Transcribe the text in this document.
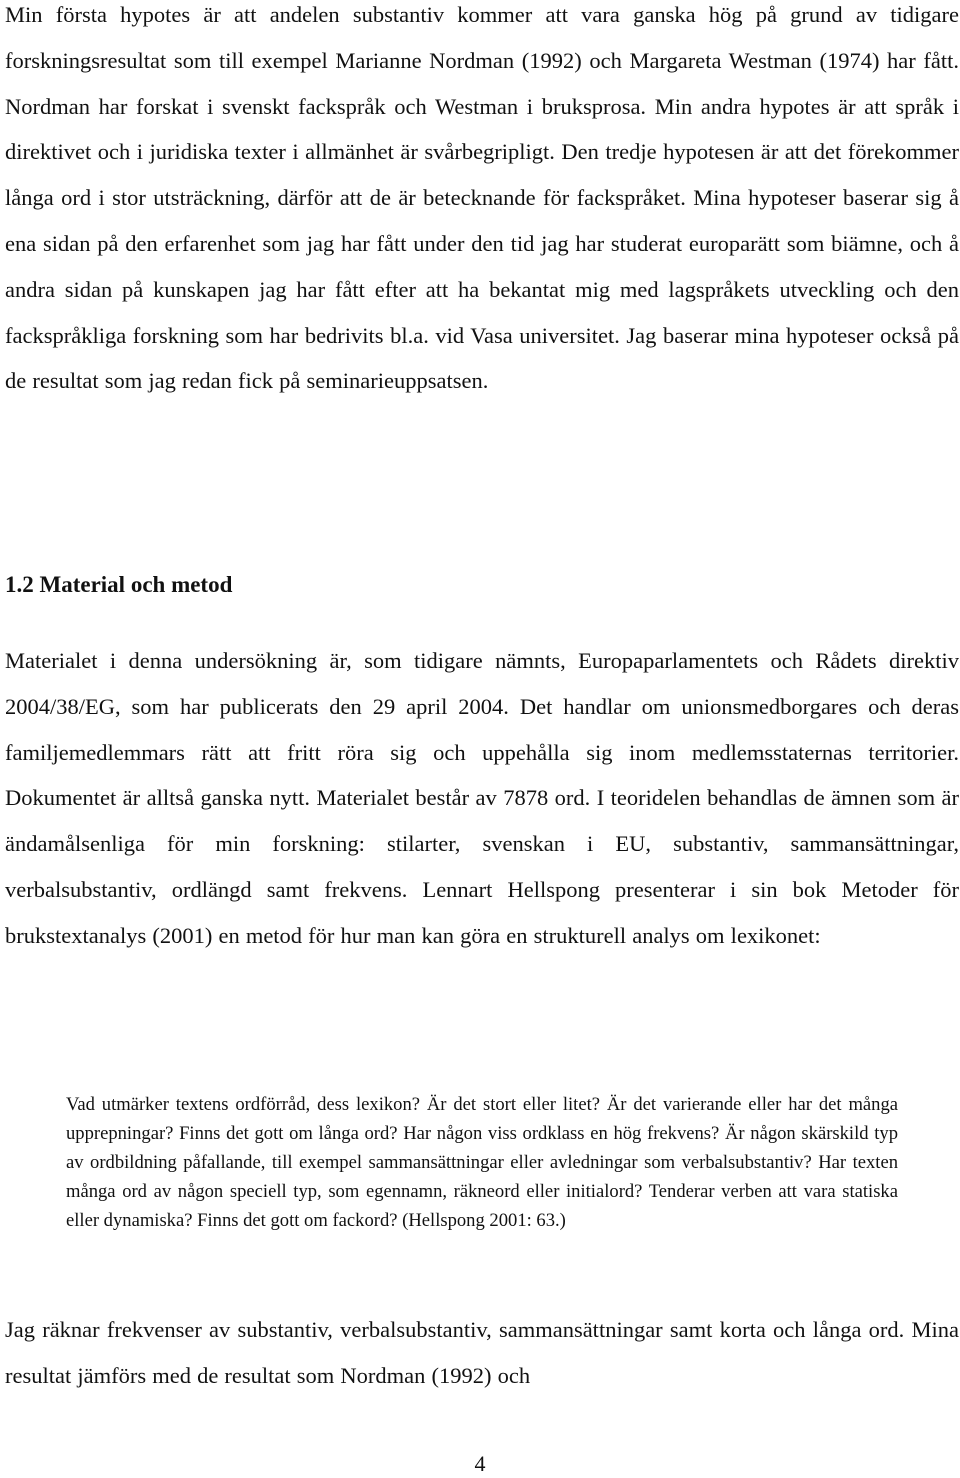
Min första hypotes är att andelen substantiv kommer att vara ganska hög på grund av tidigare forskningsresultat som till exempel Marianne Nordman (1992) och Margareta Westman (1974) har fått. Nordman har forskat i svenskt fackspråk och Westman i bruksprosa. Min andra hypotes är att språk i direktivet och i juridiska texter i allmänhet är svårbegripligt. Den tredje hypotesen är att det förekommer långa ord i stor utsträckning, därför att de är betecknande för fackspråket. Mina hypoteser baserar sig å ena sidan på den erfarenhet som jag har fått under den tid jag har studerat europarätt som biämne, och å andra sidan på kunskapen jag har fått efter att ha bekantat mig med lagspråkets utveckling och den fackspråkliga forskning som har bedrivits bl.a. vid Vasa universitet. Jag baserar mina hypoteser också på de resultat som jag redan fick på seminarieuppsatsen.

1.2 Material och metod

Materialet i denna undersökning är, som tidigare nämnts, Europaparlamentets och Rådets direktiv 2004/38/EG, som har publicerats den 29 april 2004. Det handlar om unionsmedborgares och deras familjemedlemmars rätt att fritt röra sig och uppehålla sig inom medlemsstaternas territorier. Dokumentet är alltså ganska nytt. Materialet består av 7878 ord. I teoridelen behandlas de ämnen som är ändamålsenliga för min forskning: stilarter, svenskan i EU, substantiv, sammansättningar, verbalsubstantiv, ordlängd samt frekvens. Lennart Hellspong presenterar i sin bok Metoder för brukstextanalys (2001) en metod för hur man kan göra en strukturell analys om lexikonet:

Vad utmärker textens ordförråd, dess lexikon? Är det stort eller litet? Är det varierande eller har det många upprepningar? Finns det gott om långa ord? Har någon viss ordklass en hög frekvens? Är någon skärskild typ av ordbildning påfallande, till exempel sammansättningar eller avledningar som verbalsubstantiv? Har texten många ord av någon speciell typ, som egennamn, räkneord eller initialord? Tenderar verben att vara statiska eller dynamiska? Finns det gott om fackord? (Hellspong 2001: 63.)

Jag räknar frekvenser av substantiv, verbalsubstantiv, sammansättningar samt korta och långa ord. Mina resultat jämförs med de resultat som Nordman (1992) och

4
